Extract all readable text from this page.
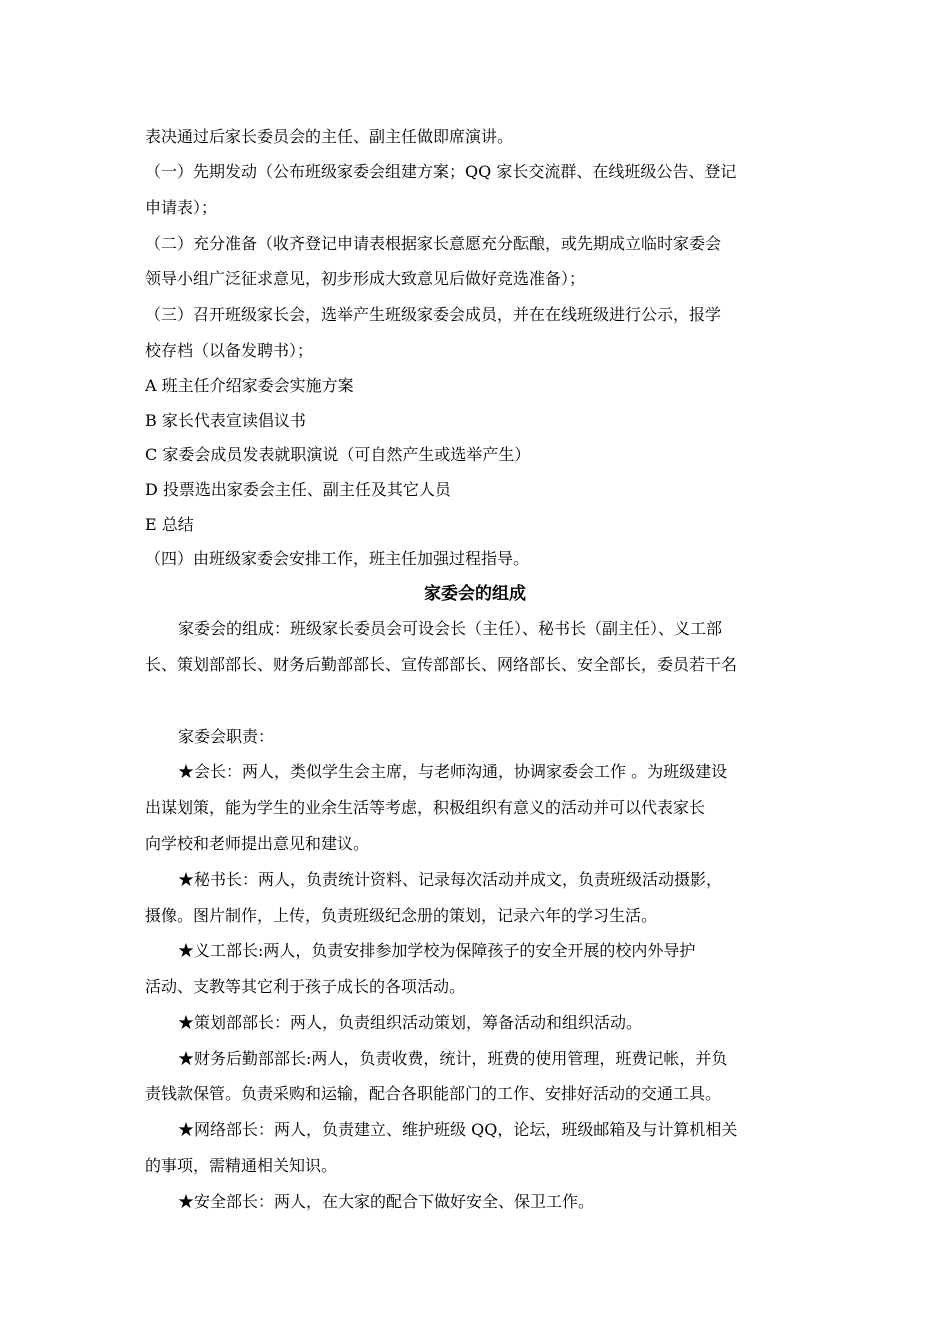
表决通过后家长委员会的主任、副主任做即席演讲。
（一）先期发动（公布班级家委会组建方案；QQ 家长交流群、在线班级公告、登记
申请表）；
（二）充分准备（收齐登记申请表根据家长意愿充分酝酿，或先期成立临时家委会
领导小组广泛征求意见，初步形成大致意见后做好竞选准备）；
（三）召开班级家长会，选举产生班级家委会成员，并在在线班级进行公示，报学
校存档（以备发聘书）；
A 班主任介绍家委会实施方案
B 家长代表宣读倡议书
C 家委会成员发表就职演说（可自然产生或选举产生）
D 投票选出家委会主任、副主任及其它人员
E 总结
（四）由班级家委会安排工作，班主任加强过程指导。
家委会的组成
家委会的组成：班级家长委员会可设会长（主任）、秘书长（副主任）、义工部
长、策划部部长、财务后勤部部长、宣传部部长、网络部长、安全部长，委员若干名
家委会职责：
★会长：两人，类似学生会主席，与老师沟通，协调家委会工作 。为班级建设
出谋划策，能为学生的业余生活等考虑，积极组织有意义的活动并可以代表家长
向学校和老师提出意见和建议。
★秘书长：两人，负责统计资料、记录每次活动并成文，负责班级活动摄影，
摄像。图片制作，上传，负责班级纪念册的策划，记录六年的学习生活。
★义工部长:两人，负责安排参加学校为保障孩子的安全开展的校内外导护
活动、支教等其它利于孩子成长的各项活动。
★策划部部长：两人，负责组织活动策划，筹备活动和组织活动。
★财务后勤部部长:两人，负责收费，统计，班费的使用管理，班费记帐，并负
责钱款保管。负责采购和运输，配合各职能部门的工作、安排好活动的交通工具。
★网络部长：两人，负责建立、维护班级 QQ，论坛，班级邮箱及与计算机相关
的事项，需精通相关知识。
★安全部长：两人，在大家的配合下做好安全、保卫工作。
